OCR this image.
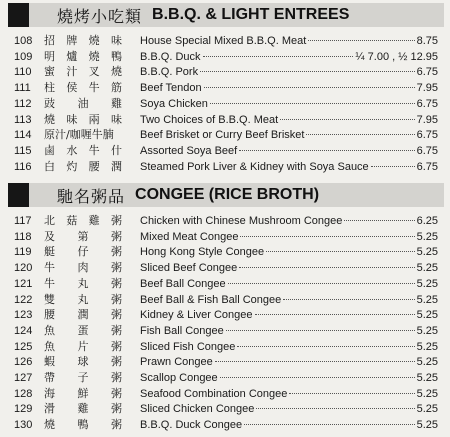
燒烤小吃類 B.B.Q. & LIGHT ENTREES
108 招 牌 燒 味 House Special Mixed B.B.Q. Meat	8.75
109 明 爐 燒 鴨 B.B.Q. Duck	¼ 7.00 , ½ 12.95
110 蜜 汁 叉 燒 B.B.Q. Pork	6.75
111 柱 侯 牛 筋 Beef Tendon	7.95
112 豉 油 雞 Soya Chicken	6.75
113 燒 味 兩 味 Two Choices of B.B.Q. Meat	7.95
114 原汁/咖喱牛腩	Beef Brisket or Curry Beef Brisket	6.75
115 鹵 水 牛 什 Assorted Soya Beef	6.75
116 白 灼 腰 潤 Steamed Pork Liver & Kidney with Soya Sauce	6.75
馳名粥品 CONGEE (RICE BROTH)
117 北 菇 雞 粥 Chicken with Chinese Mushroom Congee	6.25
118 及 第 粥 Mixed Meat Congee	5.25
119 艇 仔 粥 Hong Kong Style Congee	5.25
120 牛 肉 粥 Sliced Beef Congee	5.25
121 牛 丸 粥 Beef Ball Congee	5.25
122 雙 丸 粥 Beef Ball & Fish Ball Congee	5.25
123 腰 潤 粥 Kidney & Liver Congee	5.25
124 魚 蛋 粥 Fish Ball Congee	5.25
125 魚 片 粥 Sliced Fish Congee	5.25
126 蝦 球 粥 Prawn Congee	5.25
127 帶 子 粥 Scallop Congee	5.25
128 海 鮮 粥 Seafood Combination Congee	5.25
129 滑 雞 粥 Sliced Chicken Congee	5.25
130 燒 鴨 粥 B.B.Q. Duck Congee	5.25
